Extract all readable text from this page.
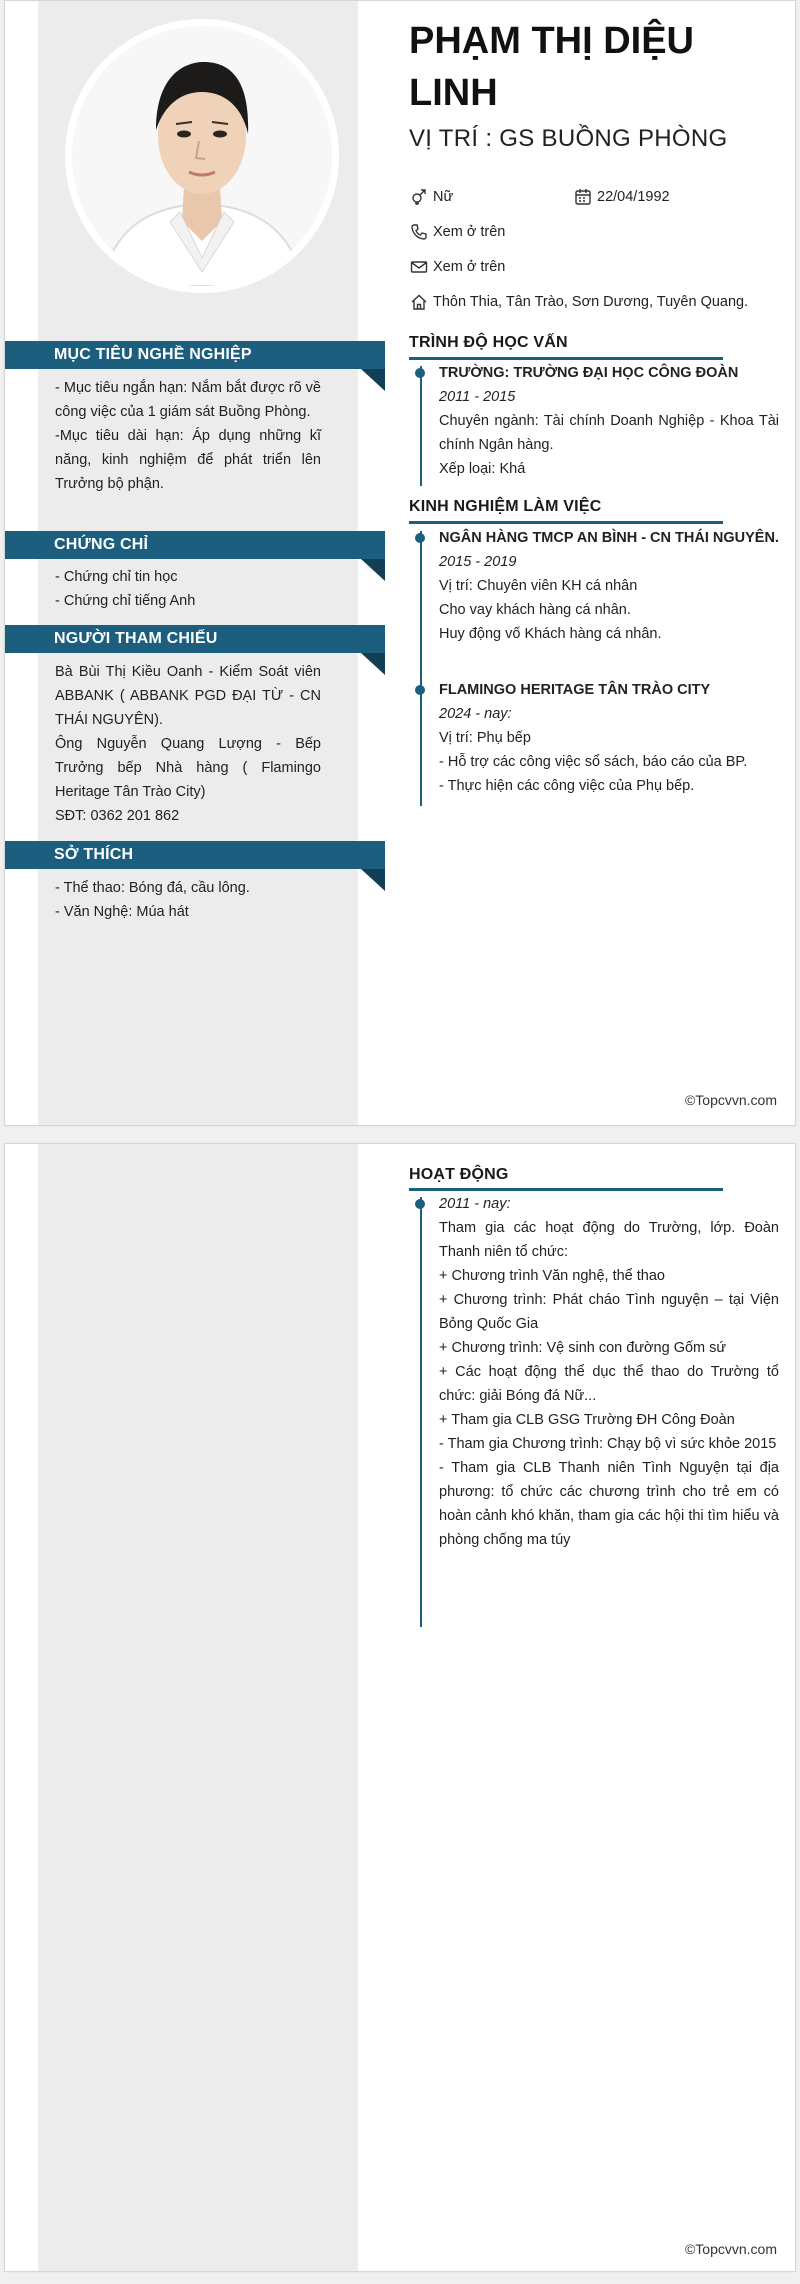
MỤC TIÊU NGHỀ NGHIỆP

- Mục tiêu ngắn hạn: Nắm bắt được rõ về công việc của 1 giám sát Buồng Phòng.

-Mục tiêu dài hạn: Áp dụng những kĩ năng, kinh nghiệm để phát triển lên Trưởng bộ phận.

CHỨNG CHỈ

- Chứng chỉ tin học

- Chứng chỉ tiếng Anh

NGƯỜI THAM CHIẾU

Bà Bùi Thị Kiều Oanh - Kiểm Soát viên ABBANK ( ABBANK PGD ĐẠI TỪ - CN THÁI NGUYÊN).

Ông Nguyễn Quang Lượng - Bếp Trưởng bếp Nhà hàng ( Flamingo Heritage Tân Trào City)

SĐT: 0362 201 862

SỞ THÍCH

- Thể thao: Bóng đá, cầu lông.

- Văn Nghệ: Múa hát

PHẠM THỊ DIỆU LINH
VỊ TRÍ : GS BUỒNG PHÒNG
Nữ	22/04/1992
Xem ở trên
Xem ở trên
Thôn Thia, Tân Trào, Sơn Dương, Tuyên Quang.
TRÌNH ĐỘ HỌC VẤN
TRƯỜNG: TRƯỜNG ĐẠI HỌC CÔNG ĐOÀN
2011 - 2015
Chuyên ngành: Tài chính Doanh Nghiệp - Khoa Tài chính Ngân hàng.
Xếp loại: Khá
KINH NGHIỆM LÀM VIỆC
NGÂN HÀNG TMCP AN BÌNH - CN THÁI NGUYÊN.
2015 - 2019
Vị trí: Chuyên viên KH cá nhân
Cho vay khách hàng cá nhân.
Huy động vố Khách hàng cá nhân.
FLAMINGO HERITAGE TÂN TRÀO CITY
2024 - nay:
Vị trí: Phụ bếp
- Hỗ trợ các công việc sổ sách, báo cáo của BP.
- Thực hiện các công việc của Phụ bếp.
©Topcvvn.com
HOẠT ĐỘNG
2011 - nay:
Tham gia các hoạt động do Trường, lớp. Đoàn Thanh niên tổ chức:
+ Chương trình Văn nghệ, thể thao
+ Chương trình: Phát cháo Tình nguyện – tại Viện Bỏng Quốc Gia
+ Chương trình: Vệ sinh con đường Gốm sứ
+ Các hoạt động thể dục thể thao do Trường tổ chức: giải Bóng đá Nữ...
+ Tham gia CLB GSG Trường ĐH Công Đoàn
- Tham gia Chương trình: Chạy bộ vì sức khỏe 2015
- Tham gia CLB Thanh niên Tình Nguyện tại địa phương: tổ chức các chương trình cho trẻ em có hoàn cảnh khó khăn, tham gia các hội thi tìm hiểu và phòng chống ma túy
©Topcvvn.com
